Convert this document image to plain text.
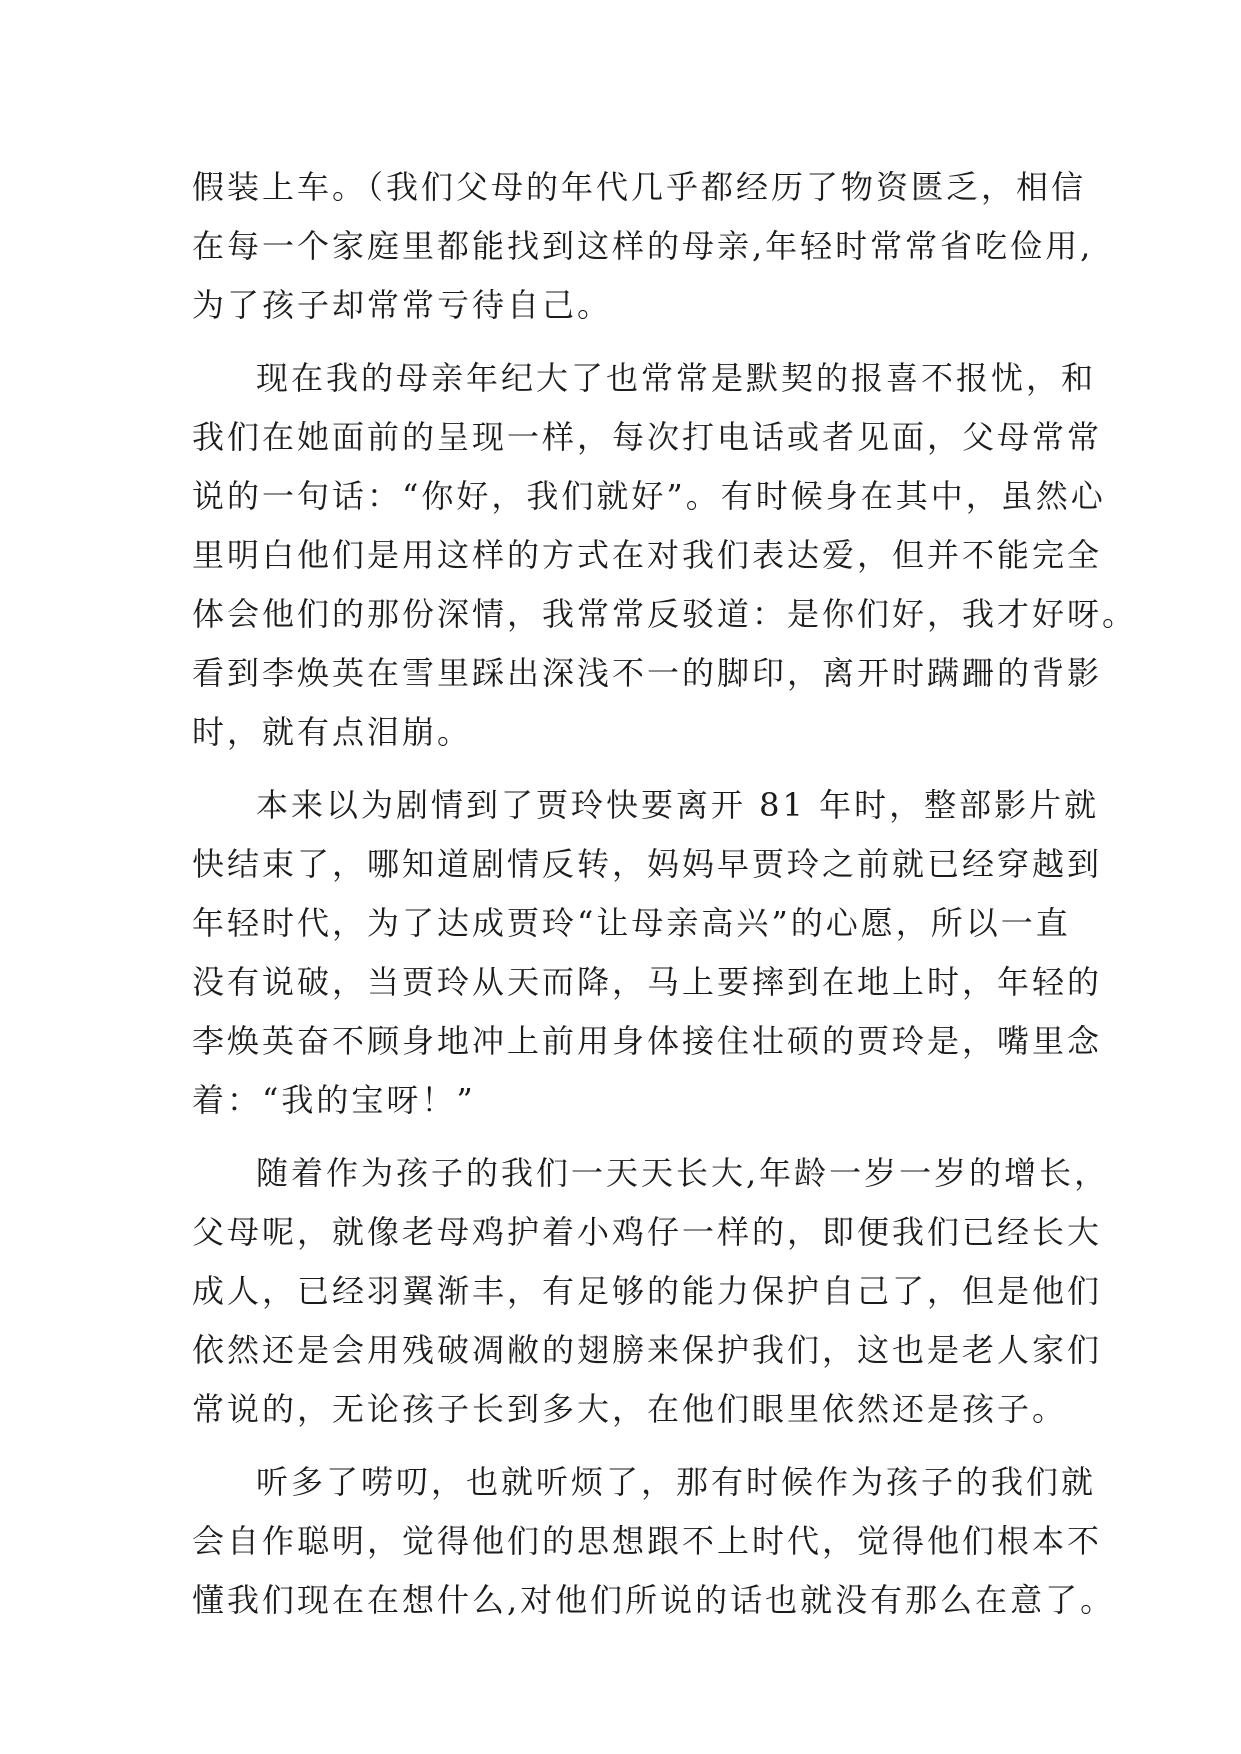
假装上车。（我们父母的年代几乎都经历了物资匮乏，相信
在每一个家庭里都能找到这样的母亲,年轻时常常省吃俭用,
为了孩子却常常亏待自己。
现在我的母亲年纪大了也常常是默契的报喜不报忧，和
我们在她面前的呈现一样，每次打电话或者见面，父母常常
说的一句话：“你好，我们就好”。有时候身在其中，虽然心
里明白他们是用这样的方式在对我们表达爱，但并不能完全
体会他们的那份深情，我常常反驳道：是你们好，我才好呀。
看到李焕英在雪里踩出深浅不一的脚印，离开时蹒跚的背影
时，就有点泪崩。
本来以为剧情到了贾玲快要离开 81 年时，整部影片就
快结束了，哪知道剧情反转，妈妈早贾玲之前就已经穿越到
年轻时代，为了达成贾玲“让母亲高兴”的心愿，所以一直
没有说破，当贾玲从天而降，马上要摔到在地上时，年轻的
李焕英奋不顾身地冲上前用身体接住壮硕的贾玲是，嘴里念
着：“我的宝呀！”
随着作为孩子的我们一天天长大,年龄一岁一岁的增长，
父母呢，就像老母鸡护着小鸡仔一样的，即便我们已经长大
成人，已经羽翼渐丰，有足够的能力保护自己了，但是他们
依然还是会用残破凋敝的翅膀来保护我们，这也是老人家们
常说的，无论孩子长到多大，在他们眼里依然还是孩子。
听多了唠叨，也就听烦了，那有时候作为孩子的我们就
会自作聪明，觉得他们的思想跟不上时代，觉得他们根本不
懂我们现在在想什么,对他们所说的话也就没有那么在意了。
